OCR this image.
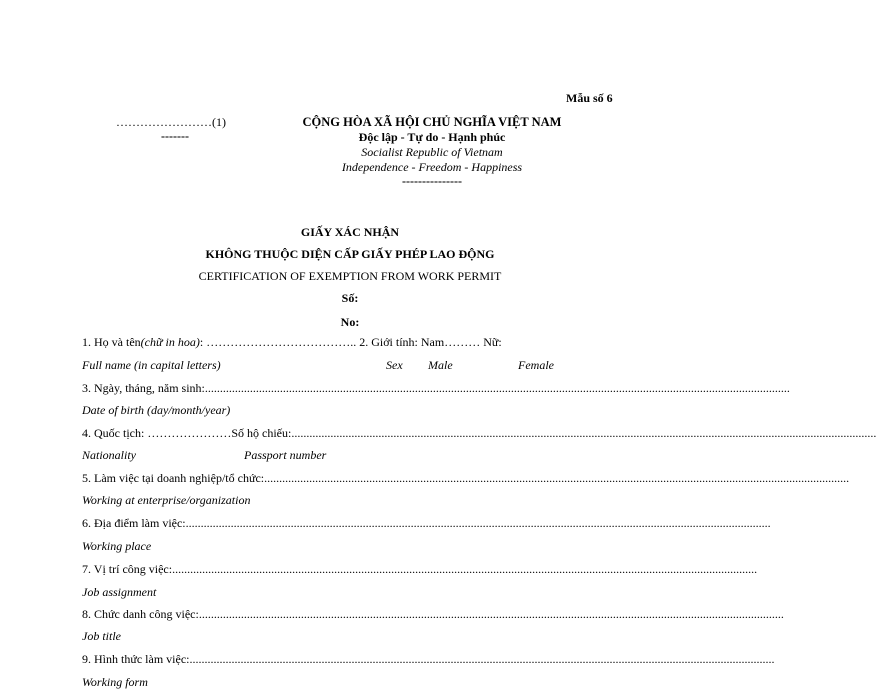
Mẫu số 6
……………………(1)
-------
CỘNG HÒA XÃ HỘI CHỦ NGHĨA VIỆT NAM
Độc lập - Tự do - Hạnh phúc
Socialist Republic of Vietnam
Independence - Freedom - Happiness
---------------
GIẤY XÁC NHẬN
KHÔNG THUỘC DIỆN CẤP GIẤY PHÉP LAO ĐỘNG
CERTIFICATION OF EXEMPTION FROM WORK PERMIT
Số:
No:
1. Họ và tên (chữ in hoa) : ……………………………….. 2. Giới tính: Nam……… Nữ:
Full name (in capital letters)	Sex Male	Female
3. Ngày, tháng, năm sinh: ...................................................................................................................................................................................................
Date of birth (day/month/year)
4. Quốc tịch: ………………… Số hộ chiếu: ...................................................................................................................................................................................................
Nationality	Passport number
5. Làm việc tại doanh nghiệp/tổ chức: ...................................................................................................................................................................................................
Working at enterprise/organization
6. Địa điểm làm việc: ...................................................................................................................................................................................................
Working place
7. Vị trí công việc: ...................................................................................................................................................................................................
Job assignment
8. Chức danh công việc: ...................................................................................................................................................................................................
Job title
9. Hình thức làm việc: ...................................................................................................................................................................................................
Working form
